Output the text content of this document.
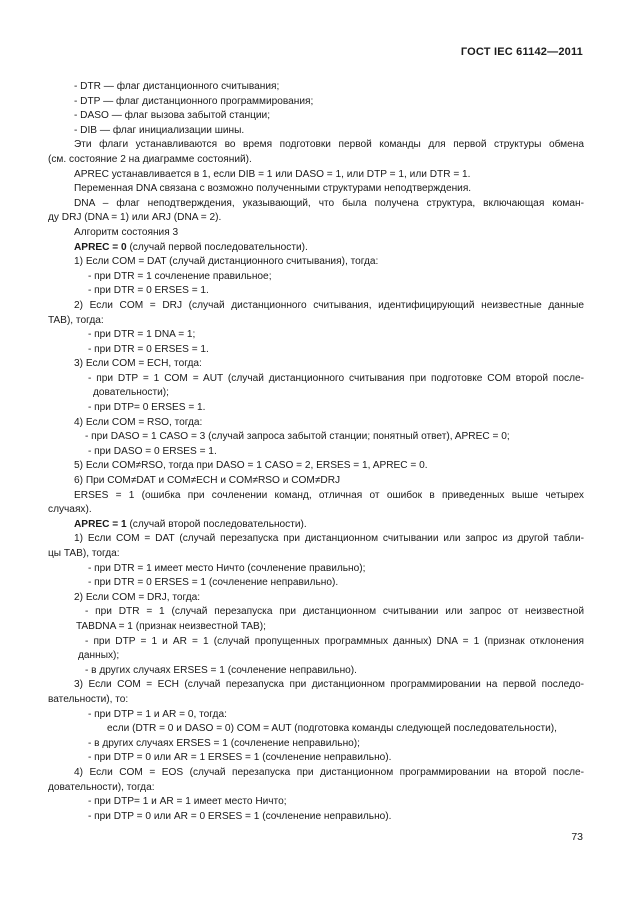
ГОСТ IEC 61142—2011
- DTR — флаг дистанционного считывания;
- DTP — флаг дистанционного программирования;
- DASO — флаг вызова забытой станции;
- DIB — флаг инициализации шины.
Эти флаги устанавливаются во время подготовки первой команды для первой структуры обмена
(см. состояние 2 на диаграмме состояний).
APREC устанавливается в 1, если DIB = 1 или DASO = 1, или DTP = 1, или DTR = 1.
Переменная DNA связана с возможно полученными структурами неподтверждения.
DNA – флаг неподтверждения, указывающий, что была получена структура, включающая коман-
ду DRJ (DNA = 1) или ARJ (DNA = 2).
Алгоритм состояния 3
APREC = 0 (случай первой последовательности).
1) Если COM = DAT (случай дистанционного считывания), тогда:
- при DTR = 1 сочленение правильное;
- при DTR = 0 ERSES = 1.
2) Если COM = DRJ (случай дистанционного считывания, идентифицирующий неизвестные данные
TAB), тогда:
- при DTR = 1 DNA = 1;
- при DTR = 0 ERSES = 1.
3) Если COM = ECH, тогда:
- при DTP = 1 COM = AUT (случай дистанционного считывания при подготовке COM второй после-
довательности);
- при DTP= 0 ERSES = 1.
4) Если COM = RSO, тогда:
- при DASO = 1 CASO = 3 (случай запроса забытой станции; понятный ответ), APREC = 0;
- при DASO = 0 ERSES = 1.
5) Если COM≠RSO, тогда при DASO = 1 CASO = 2, ERSES = 1, APREC = 0.
6) При COM≠DAT и COM≠ECH и COM≠RSO и COM≠DRJ
ERSES = 1 (ошибка при сочленении команд, отличная от ошибок в приведенных выше четырех
случаях).
APREC = 1 (случай второй последовательности).
1) Если COM = DAT (случай перезапуска при дистанционном считывании или запрос из другой табли-
цы TAB), тогда:
- при DTR = 1 имеет место Ничто (сочленение правильно);
- при DTR = 0 ERSES = 1 (сочленение неправильно).
2) Если COM = DRJ, тогда:
- при DTR = 1 (случай перезапуска при дистанционном считывании или запрос от неизвестной
TABDNA = 1 (признак неизвестной TAB);
- при DTP = 1 и AR = 1 (случай пропущенных программных данных) DNA = 1 (признак отклонения
данных);
- в других случаях ERSES = 1 (сочленение неправильно).
3) Если COM = ECH (случай перезапуска при дистанционном программировании на первой последо-
вательности), то:
- при DTP = 1 и AR = 0, тогда:
если (DTR = 0 и DASO = 0) COM = AUT (подготовка команды следующей последовательности),
- в других случаях ERSES = 1 (сочленение неправильно);
- при DTP = 0 или AR = 1 ERSES = 1 (сочленение неправильно).
4) Если COM = EOS (случай перезапуска при дистанционном программировании на второй после-
довательности), тогда:
- при DTP= 1 и AR = 1 имеет место Ничто;
- при DTP = 0 или AR = 0 ERSES = 1 (сочленение неправильно).
73
